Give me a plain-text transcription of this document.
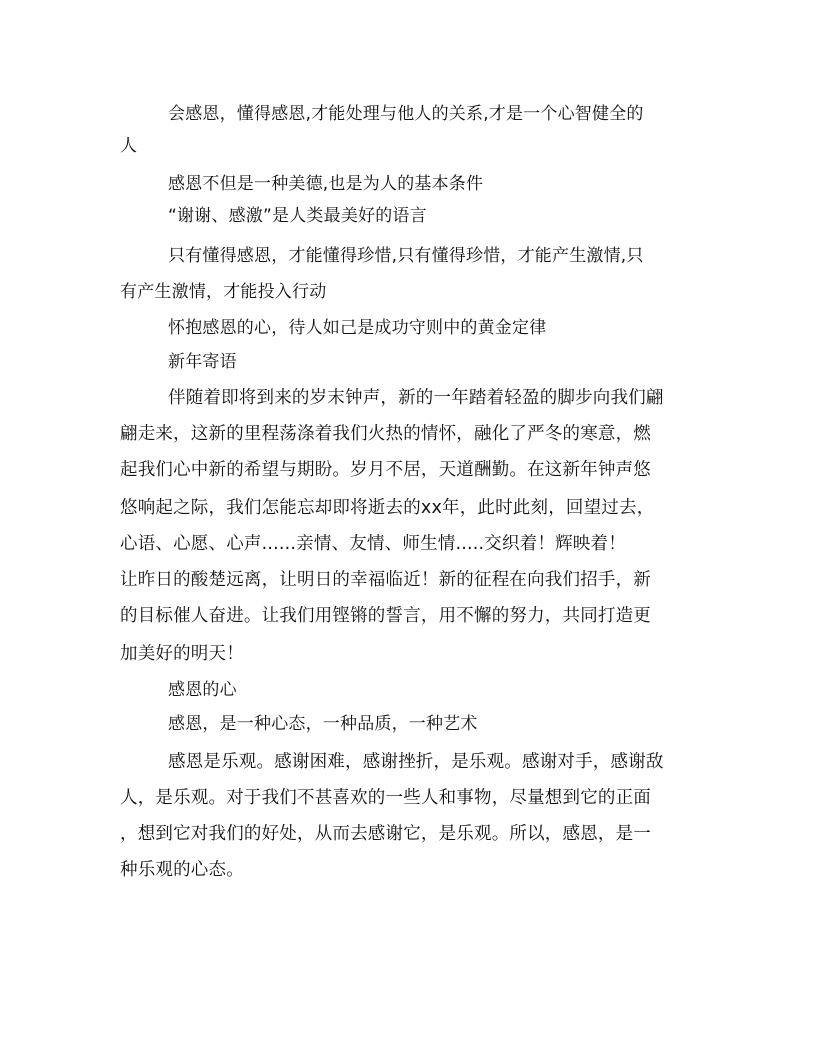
会感恩，懂得感恩,才能处理与他人的关系,才是一个心智健全的
人
感恩不但是一种美德,也是为人的基本条件
“谢谢、感激”是人类最美好的语言
只有懂得感恩，才能懂得珍惜,只有懂得珍惜，才能产生激情,只
有产生激情，才能投入行动
怀抱感恩的心，待人如己是成功守则中的黄金定律
新年寄语
伴随着即将到来的岁末钟声，新的一年踏着轻盈的脚步向我们翩
翩走来，这新的里程荡涤着我们火热的情怀，融化了严冬的寒意，燃
起我们心中新的希望与期盼。岁月不居，天道酬勤。在这新年钟声悠
悠响起之际，我们怎能忘却即将逝去的xx年，此时此刻，回望过去，
心语、心愿、心声......亲情、友情、师生情.....交织着！辉映着！
让昨日的酸楚远离，让明日的幸福临近！新的征程在向我们招手，新
的目标催人奋进。让我们用铿锵的誓言，用不懈的努力，共同打造更
加美好的明天！
感恩的心
感恩，是一种心态，一种品质，一种艺术
感恩是乐观。感谢困难，感谢挫折，是乐观。感谢对手，感谢敌
人，是乐观。对于我们不甚喜欢的一些人和事物，尽量想到它的正面
，想到它对我们的好处，从而去感谢它，是乐观。所以，感恩，是一
种乐观的心态。
